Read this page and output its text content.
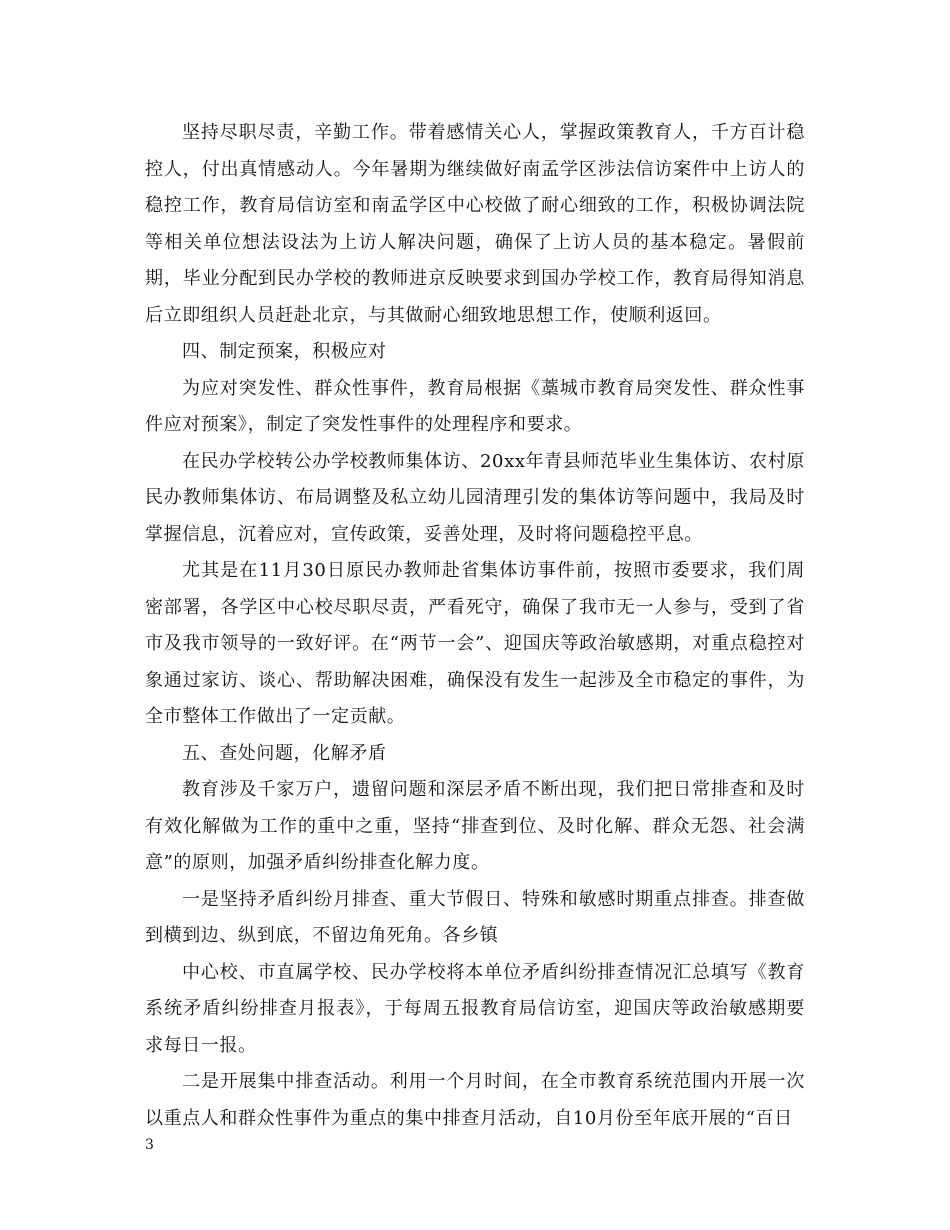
坚持尽职尽责，辛勤工作。带着感情关心人，掌握政策教育人，千方百计稳控人，付出真情感动人。今年暑期为继续做好南孟学区涉法信访案件中上访人的稳控工作，教育局信访室和南孟学区中心校做了耐心细致的工作，积极协调法院等相关单位想法设法为上访人解决问题，确保了上访人员的基本稳定。暑假前期，毕业分配到民办学校的教师进京反映要求到国办学校工作，教育局得知消息后立即组织人员赶赴北京，与其做耐心细致地思想工作，使顺利返回。

四、制定预案，积极应对

为应对突发性、群众性事件，教育局根据《藁城市教育局突发性、群众性事件应对预案》，制定了突发性事件的处理程序和要求。

在民办学校转公办学校教师集体访、20xx年青县师范毕业生集体访、农村原民办教师集体访、布局调整及私立幼儿园清理引发的集体访等问题中，我局及时掌握信息，沉着应对，宣传政策，妥善处理，及时将问题稳控平息。

尤其是在11月30日原民办教师赴省集体访事件前，按照市委要求，我们周密部署，各学区中心校尽职尽责，严看死守，确保了我市无一人参与，受到了省市及我市领导的一致好评。在“两节一会”、迎国庆等政治敏感期，对重点稳控对象通过家访、谈心、帮助解决困难，确保没有发生一起涉及全市稳定的事件，为全市整体工作做出了一定贡献。

五、查处问题，化解矛盾

教育涉及千家万户，遗留问题和深层矛盾不断出现，我们把日常排查和及时有效化解做为工作的重中之重，坚持“排查到位、及时化解、群众无怨、社会满意”的原则，加强矛盾纠纷排查化解力度。

一是坚持矛盾纠纷月排查、重大节假日、特殊和敏感时期重点排查。排查做到横到边、纵到底，不留边角死角。各乡镇

中心校、市直属学校、民办学校将本单位矛盾纠纷排查情况汇总填写《教育系统矛盾纠纷排查月报表》，于每周五报教育局信访室，迎国庆等政治敏感期要求每日一报。

二是开展集中排查活动。利用一个月时间，在全市教育系统范围内开展一次以重点人和群众性事件为重点的集中排查月活动，自10月份至年底开展的“百日

3
